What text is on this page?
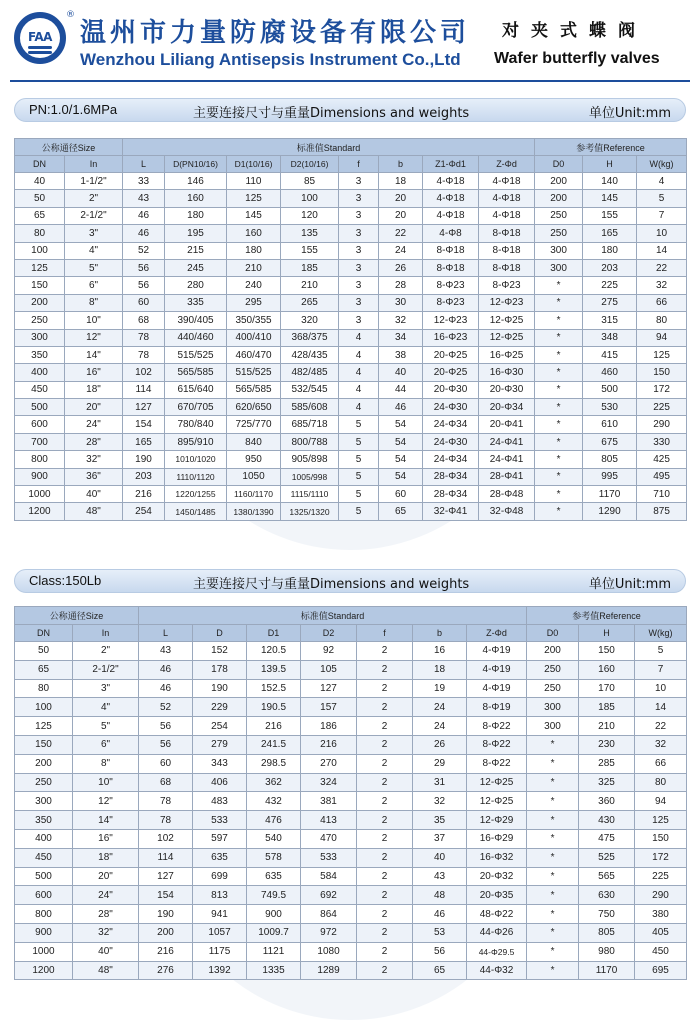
FAA
®
温州市力量防腐设备有限公司
Wenzhou Liliang Antisepsis Instrument Co.,Ltd
对夹式蝶阀
Wafer butterfly valves
PN:1.0/1.6MPa	主要连接尺寸与重量Dimensions and weights	单位Unit:mm
公称通径Size		标准值Standard								参考值Reference		
DN	In	L	D(PN10/16)	D1(10/16)	D2(10/16)	f	b	Z1-Φd1	Z-Φd	D0	H	W(kg)
40	1-1/2"	33	146	110	85	3	18	4-Φ18	4-Φ18	200	140	4
50	2"	43	160	125	100	3	20	4-Φ18	4-Φ18	200	145	5
65	2-1/2"	46	180	145	120	3	20	4-Φ18	4-Φ18	250	155	7
80	3"	46	195	160	135	3	22	4-Φ8	8-Φ18	250	165	10
100	4"	52	215	180	155	3	24	8-Φ18	8-Φ18	300	180	14
125	5"	56	245	210	185	3	26	8-Φ18	8-Φ18	300	203	22
150	6"	56	280	240	210	3	28	8-Φ23	8-Φ23	*	225	32
200	8"	60	335	295	265	3	30	8-Φ23	12-Φ23	*	275	66
250	10"	68	390/405	350/355	320	3	32	12-Φ23	12-Φ25	*	315	80
300	12"	78	440/460	400/410	368/375	4	34	16-Φ23	12-Φ25	*	348	94
350	14"	78	515/525	460/470	428/435	4	38	20-Φ25	16-Φ25	*	415	125
400	16"	102	565/585	515/525	482/485	4	40	20-Φ25	16-Φ30	*	460	150
450	18"	114	615/640	565/585	532/545	4	44	20-Φ30	20-Φ30	*	500	172
500	20"	127	670/705	620/650	585/608	4	46	24-Φ30	20-Φ34	*	530	225
600	24"	154	780/840	725/770	685/718	5	54	24-Φ34	20-Φ41	*	610	290
700	28"	165	895/910	840	800/788	5	54	24-Φ30	24-Φ41	*	675	330
800	32"	190	1010/1020	950	905/898	5	54	24-Φ34	24-Φ41	*	805	425
900	36"	203	1110/1120	1050	1005/998	5	54	28-Φ34	28-Φ41	*	995	495
1000	40"	216	1220/1255	1160/1170	1115/1110	5	60	28-Φ34	28-Φ48	*	1170	710
1200	48"	254	1450/1485	1380/1390	1325/1320	5	65	32-Φ41	32-Φ48	*	1290	875
Class:150Lb	主要连接尺寸与重量Dimensions and weights	单位Unit:mm
公称通径Size		标准值Standard							参考值Reference		
DN	In	L	D	D1	D2	f	b	Z-Φd	D0	H	W(kg)
50	2"	43	152	120.5	92	2	16	4-Φ19	200	150	5
65	2-1/2"	46	178	139.5	105	2	18	4-Φ19	250	160	7
80	3"	46	190	152.5	127	2	19	4-Φ19	250	170	10
100	4"	52	229	190.5	157	2	24	8-Φ19	300	185	14
125	5"	56	254	216	186	2	24	8-Φ22	300	210	22
150	6"	56	279	241.5	216	2	26	8-Φ22	*	230	32
200	8"	60	343	298.5	270	2	29	8-Φ22	*	285	66
250	10"	68	406	362	324	2	31	12-Φ25	*	325	80
300	12"	78	483	432	381	2	32	12-Φ25	*	360	94
350	14"	78	533	476	413	2	35	12-Φ29	*	430	125
400	16"	102	597	540	470	2	37	16-Φ29	*	475	150
450	18"	114	635	578	533	2	40	16-Φ32	*	525	172
500	20"	127	699	635	584	2	43	20-Φ32	*	565	225
600	24"	154	813	749.5	692	2	48	20-Φ35	*	630	290
800	28"	190	941	900	864	2	46	48-Φ22	*	750	380
900	32"	200	1057	1009.7	972	2	53	44-Φ26	*	805	405
1000	40"	216	1175	1121	1080	2	56	44-Φ29.5	*	980	450
1200	48"	276	1392	1335	1289	2	65	44-Φ32	*	1170	695
